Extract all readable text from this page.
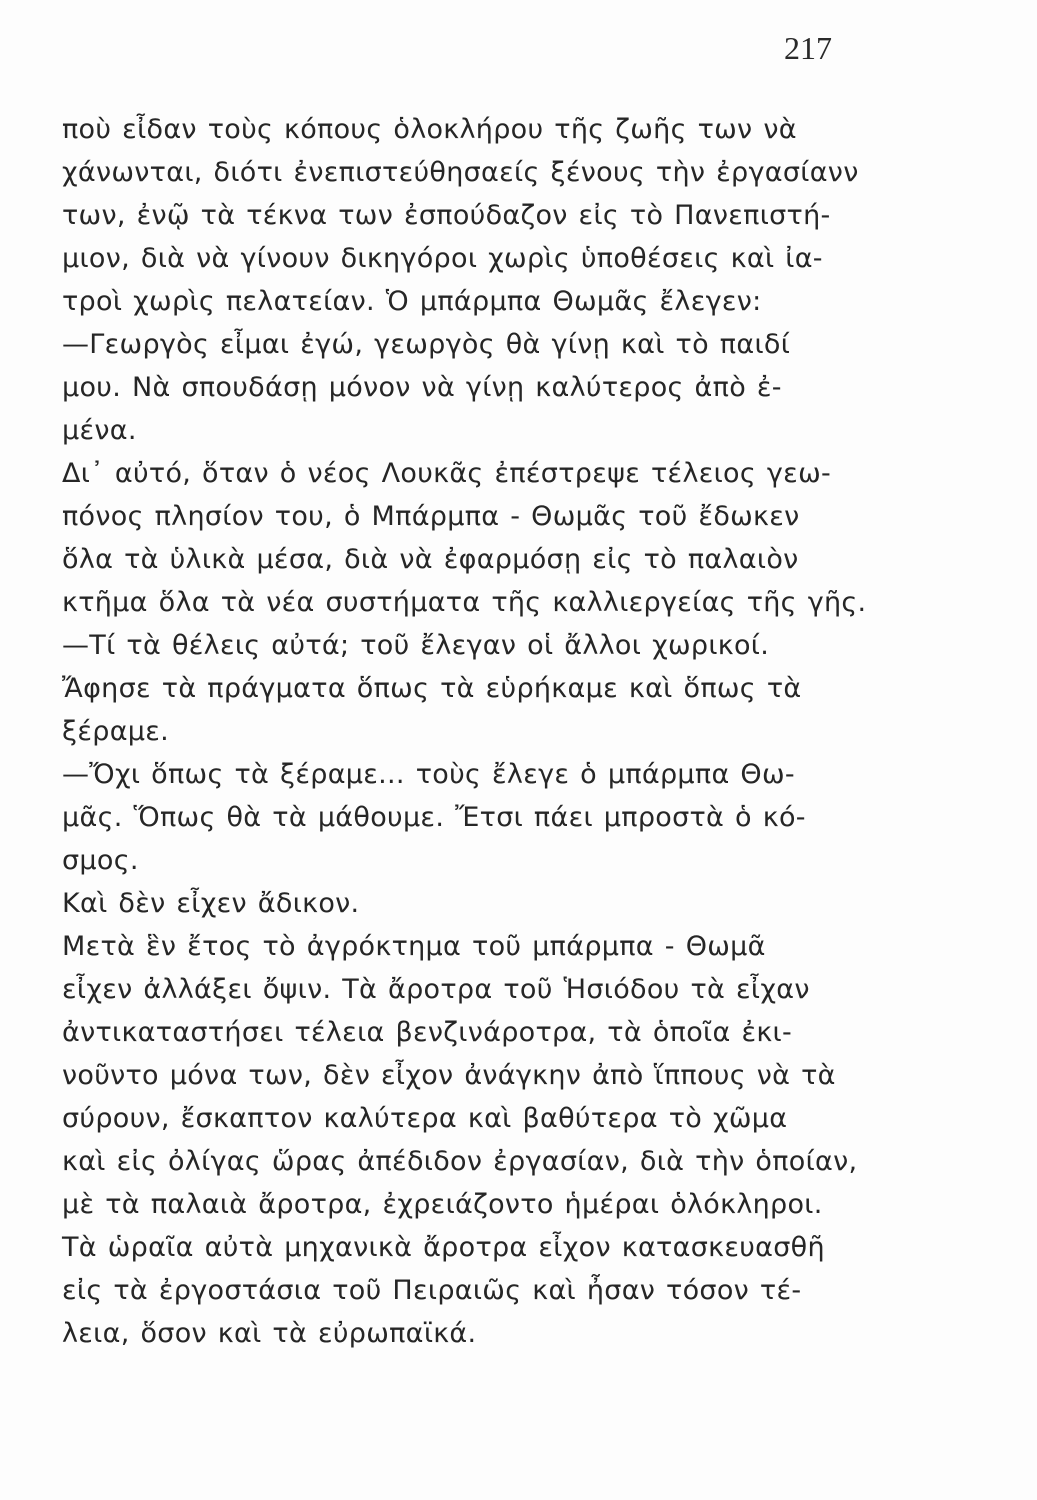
217
ποὺ εἶδαν τοὺς κόπους ὁλοκλήρου τῆς ζωῆς των νὰ
χάνωνται, διότι ἐνεπιστεύθησαείς ξένους τὴν ἐργασίανν
των, ἐνῷ τὰ τέκνα των ἐσπούδαζον εἰς τὸ Πανεπιστή-
μιον, διὰ νὰ γίνουν δικηγόροι χωρὶς ὑποθέσεις καὶ ἰα-
τροὶ χωρὶς πελατείαν. Ὁ μπάρμπα Θωμᾶς ἔλεγεν:
—Γεωργὸς εἶμαι ἐγώ, γεωργὸς θὰ γίνῃ καὶ τὸ παιδί
μου. Νὰ σπουδάσῃ μόνον νὰ γίνῃ καλύτερος ἀπὸ ἐ-
μένα.
Δι᾽ αὐτό, ὅταν ὁ νέος Λουκᾶς ἐπέστρεψε τέλειος γεω-
πόνος πλησίον του, ὁ Μπάρμπα - Θωμᾶς τοῦ ἔδωκεν
ὅλα τὰ ὑλικὰ μέσα, διὰ νὰ ἐφαρμόσῃ εἰς τὸ παλαιὸν
κτῆμα ὅλα τὰ νέα συστήματα τῆς καλλιεργείας τῆς γῆς.
—Τί τὰ θέλεις αὐτά; τοῦ ἔλεγαν οἱ ἄλλοι χωρικοί.
Ἄφησε τὰ πράγματα ὅπως τὰ εὑρήκαμε καὶ ὅπως τὰ
ξέραμε.
—Ὄχι ὅπως τὰ ξέραμε... τοὺς ἔλεγε ὁ μπάρμπα Θω-
μᾶς. Ὅπως θὰ τὰ μάθουμε. Ἔτσι πάει μπροστὰ ὁ κό-
σμος.
Καὶ δὲν εἶχεν ἄδικον.
Μετὰ ἓν ἔτος τὸ ἀγρόκτημα τοῦ μπάρμπα - Θωμᾶ
εἶχεν ἀλλάξει ὄψιν. Τὰ ἄροτρα τοῦ Ἡσιόδου τὰ εἶχαν
ἀντικαταστήσει τέλεια βενζινάροτρα, τὰ ὁποῖα ἐκι-
νοῦντο μόνα των, δὲν εἶχον ἀνάγκην ἀπὸ ἵππους νὰ τὰ
σύρουν, ἔσκαπτον καλύτερα καὶ βαθύτερα τὸ χῶμα
καὶ εἰς ὀλίγας ὥρας ἀπέδιδον ἐργασίαν, διὰ τὴν ὁποίαν,
μὲ τὰ παλαιὰ ἄροτρα, ἐχρειάζοντο ἡμέραι ὁλόκληροι.
Τὰ ὡραῖα αὐτὰ μηχανικὰ ἄροτρα εἶχον κατασκευασθῆ
εἰς τὰ ἐργοστάσια τοῦ Πειραιῶς καὶ ἦσαν τόσον τέ-
λεια, ὅσον καὶ τὰ εὐρωπαϊκά.
